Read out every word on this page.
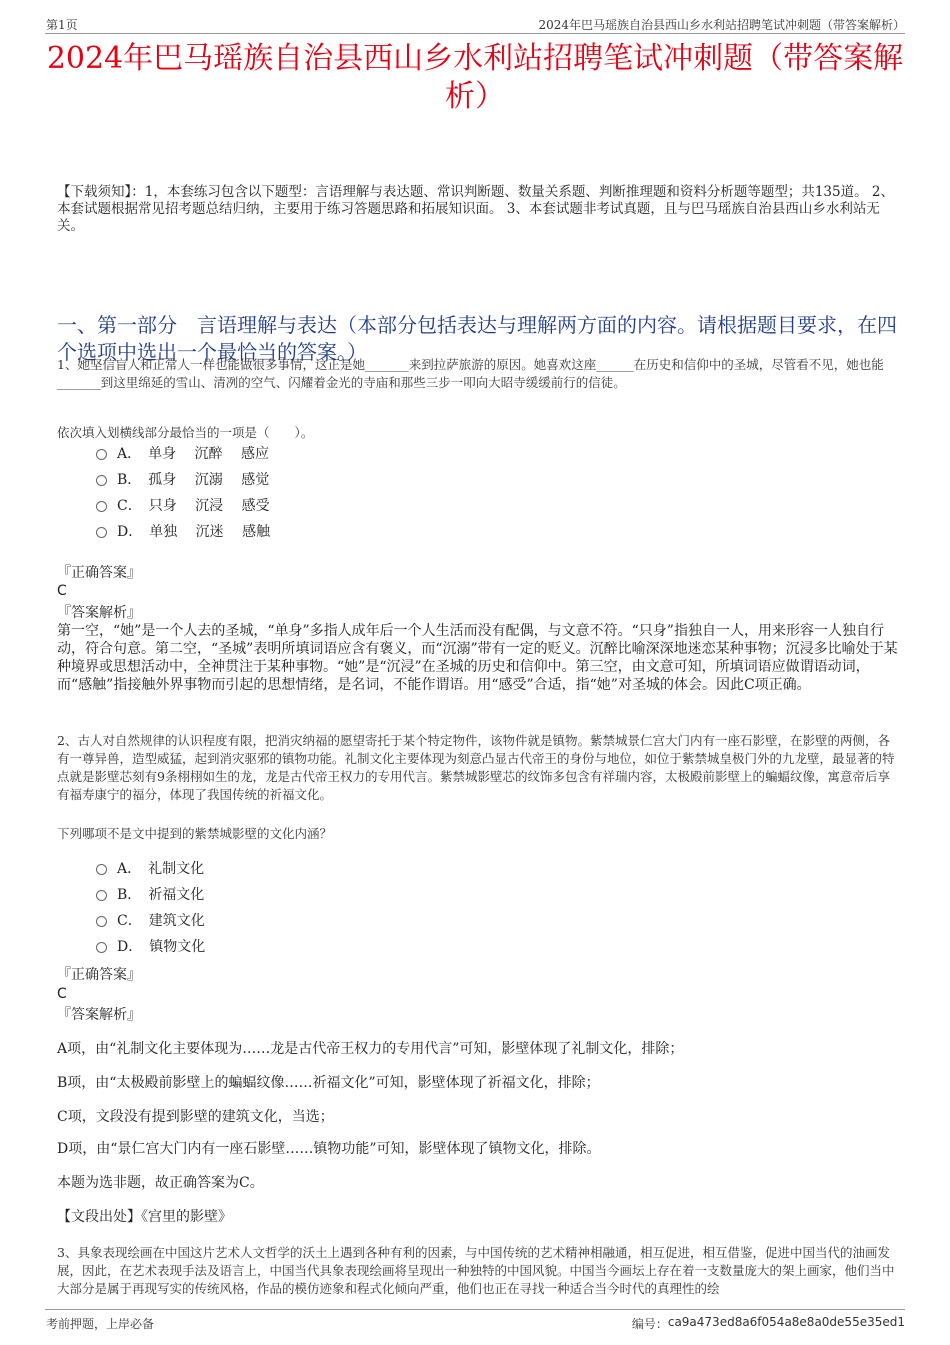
第1页	2024年巴马瑶族自治县西山乡水利站招聘笔试冲刺题（带答案解析）
2024年巴马瑶族自治县西山乡水利站招聘笔试冲刺题（带答案解析）
【下载须知】：1，本套练习包含以下题型：言语理解与表达题、常识判断题、数量关系题、判断推理题和资料分析题等题型；共135道。 2、本套试题根据常见招考题总结归纳，主要用于练习答题思路和拓展知识面。 3、本套试题非考试真题，且与巴马瑶族自治县西山乡水利站无关。
一、第一部分　言语理解与表达（本部分包括表达与理解两方面的内容。请根据题目要求，在四个选项中选出一个最恰当的答案。）
1、她坚信盲人和正常人一样也能做很多事情，这正是她_______来到拉萨旅游的原因。她喜欢这座______在历史和信仰中的圣城，尽管看不见，她也能_______到这里绵延的雪山、清冽的空气、闪耀着金光的寺庙和那些三步一叩向大昭寺缓缓前行的信徒。
依次填入划横线部分最恰当的一项是（　　）。
A．　单身　 沉醉　 感应
B．　孤身　 沉溺　 感觉
C．　只身　 沉浸　 感受
D．　单独　 沉迷　 感触
『正确答案』
C
『答案解析』
第一空，“她”是一个人去的圣城，“单身”多指人成年后一个人生活而没有配偶，与文意不符。“只身”指独自一人，用来形容一人独自行动，符合句意。第二空，“圣城”表明所填词语应含有褒义，而“沉溺”带有一定的贬义。沉醉比喻深深地迷恋某种事物；沉浸多比喻处于某种境界或思想活动中，全神贯注于某种事物。“她”是“沉浸”在圣城的历史和信仰中。第三空，由文意可知，所填词语应做谓语动词，而“感触”指接触外界事物而引起的思想情绪，是名词，不能作谓语。用“感受”合适，指“她”对圣城的体会。因此C项正确。
2、古人对自然规律的认识程度有限，把消灾纳福的愿望寄托于某个特定物件，该物件就是镇物。紫禁城景仁宫大门内有一座石影壁，在影壁的两侧，各有一尊异兽，造型威猛，起到消灾驱邪的镇物功能。礼制文化主要体现为刻意凸显古代帝王的身份与地位，如位于紫禁城皇极门外的九龙壁，最显著的特点就是影壁芯刻有9条栩栩如生的龙，龙是古代帝王权力的专用代言。紫禁城影壁芯的纹饰多包含有祥瑞内容，太极殿前影壁上的蝙蝠纹像，寓意帝后享有福寿康宁的福分，体现了我国传统的祈福文化。
下列哪项不是文中提到的紫禁城影壁的文化内涵？
A．　礼制文化
B．　祈福文化
C．　建筑文化
D．　镇物文化
『正确答案』
C
『答案解析』
A项，由“礼制文化主要体现为……龙是古代帝王权力的专用代言”可知，影壁体现了礼制文化，排除；
B项，由“太极殿前影壁上的蝙蝠纹像……祈福文化”可知，影壁体现了祈福文化，排除；
C项，文段没有提到影壁的建筑文化，当选；
D项，由“景仁宫大门内有一座石影壁……镇物功能”可知，影壁体现了镇物文化，排除。
本题为选非题，故正确答案为C。
【文段出处】《宫里的影壁》
3、具象表现绘画在中国这片艺术人文哲学的沃土上遇到各种有利的因素，与中国传统的艺术精神相融通，相互促进，相互借鉴，促进中国当代的油画发展，因此，在艺术表现手法及语言上，中国当代具象表现绘画将呈现出一种独特的中国风貌。中国当今画坛上存在着一支数量庞大的架上画家，他们当中大部分是属于再现写实的传统风格，作品的模仿迹象和程式化倾向严重，他们也正在寻找一种适合当今时代的真理性的绘
考前押题，上岸必备	编号： ca9a473ed8a6f054a8e8a0de55e35ed1
